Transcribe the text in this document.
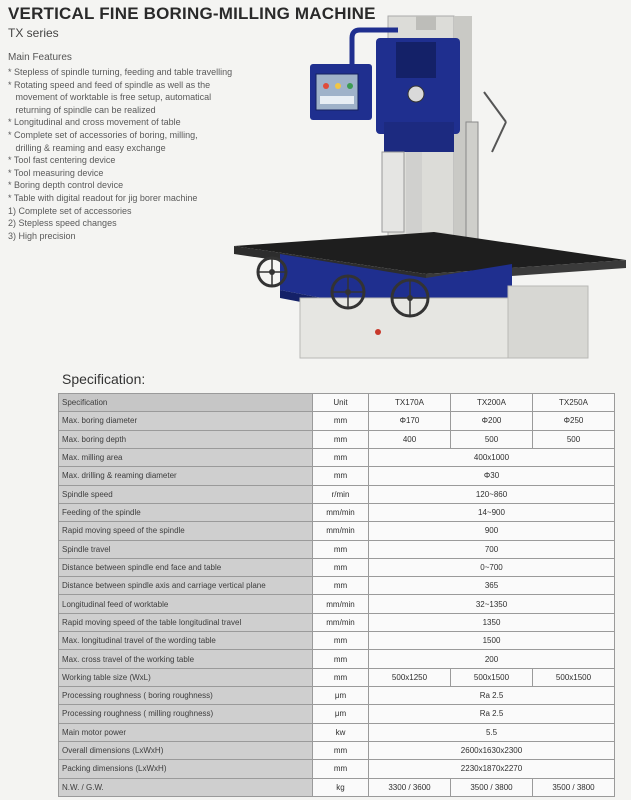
VERTICAL FINE BORING-MILLING MACHINE
TX series
Main Features
* Stepless of spindle turning, feeding and table travelling
* Rotating speed and feed of spindle as well as the
movement of worktable is free setup, automatical
returning of spindle can be realized
* Longitudinal and cross movement of table
* Complete set of accessories of boring, milling,
drilling & reaming and easy exchange
* Tool fast centering device
* Tool measuring device
* Boring depth control device
* Table with digital readout for jig borer machine
1) Complete set of accessories
2) Stepless speed changes
3) High precision
Specification:
Specification	Unit	TX170A	TX200A	TX250A
Max. boring diameter	mm	Φ170	Φ200	Φ250
Max. boring depth	mm	400	500	500
Max. milling area	mm	400x1000		
Max. drilling & reaming diameter	mm	Φ30		
Spindle speed	r/min	120~860		
Feeding of the spindle	mm/min	14~900		
Rapid moving speed of the spindle	mm/min	900		
Spindle travel	mm	700		
Distance between spindle end face and table	mm	0~700		
Distance between spindle axis and carriage vertical plane	mm	365		
Longitudinal feed of worktable	mm/min	32~1350		
Rapid moving speed of the table longitudinal travel	mm/min	1350		
Max. longitudinal travel of the wording table	mm	1500		
Max. cross travel of the working table	mm	200		
Working table size (WxL)	mm	500x1250	500x1500	500x1500
Processing roughness ( boring roughness)	μm	Ra 2.5		
Processing roughness ( milling roughness)	μm	Ra 2.5		
Main motor power	kw	5.5		
Overall dimensions (LxWxH)	mm	2600x1630x2300		
Packing dimensions (LxWxH)	mm	2230x1870x2270		
N.W. / G.W.	kg	3300 / 3600	3500 / 3800	3500 / 3800
